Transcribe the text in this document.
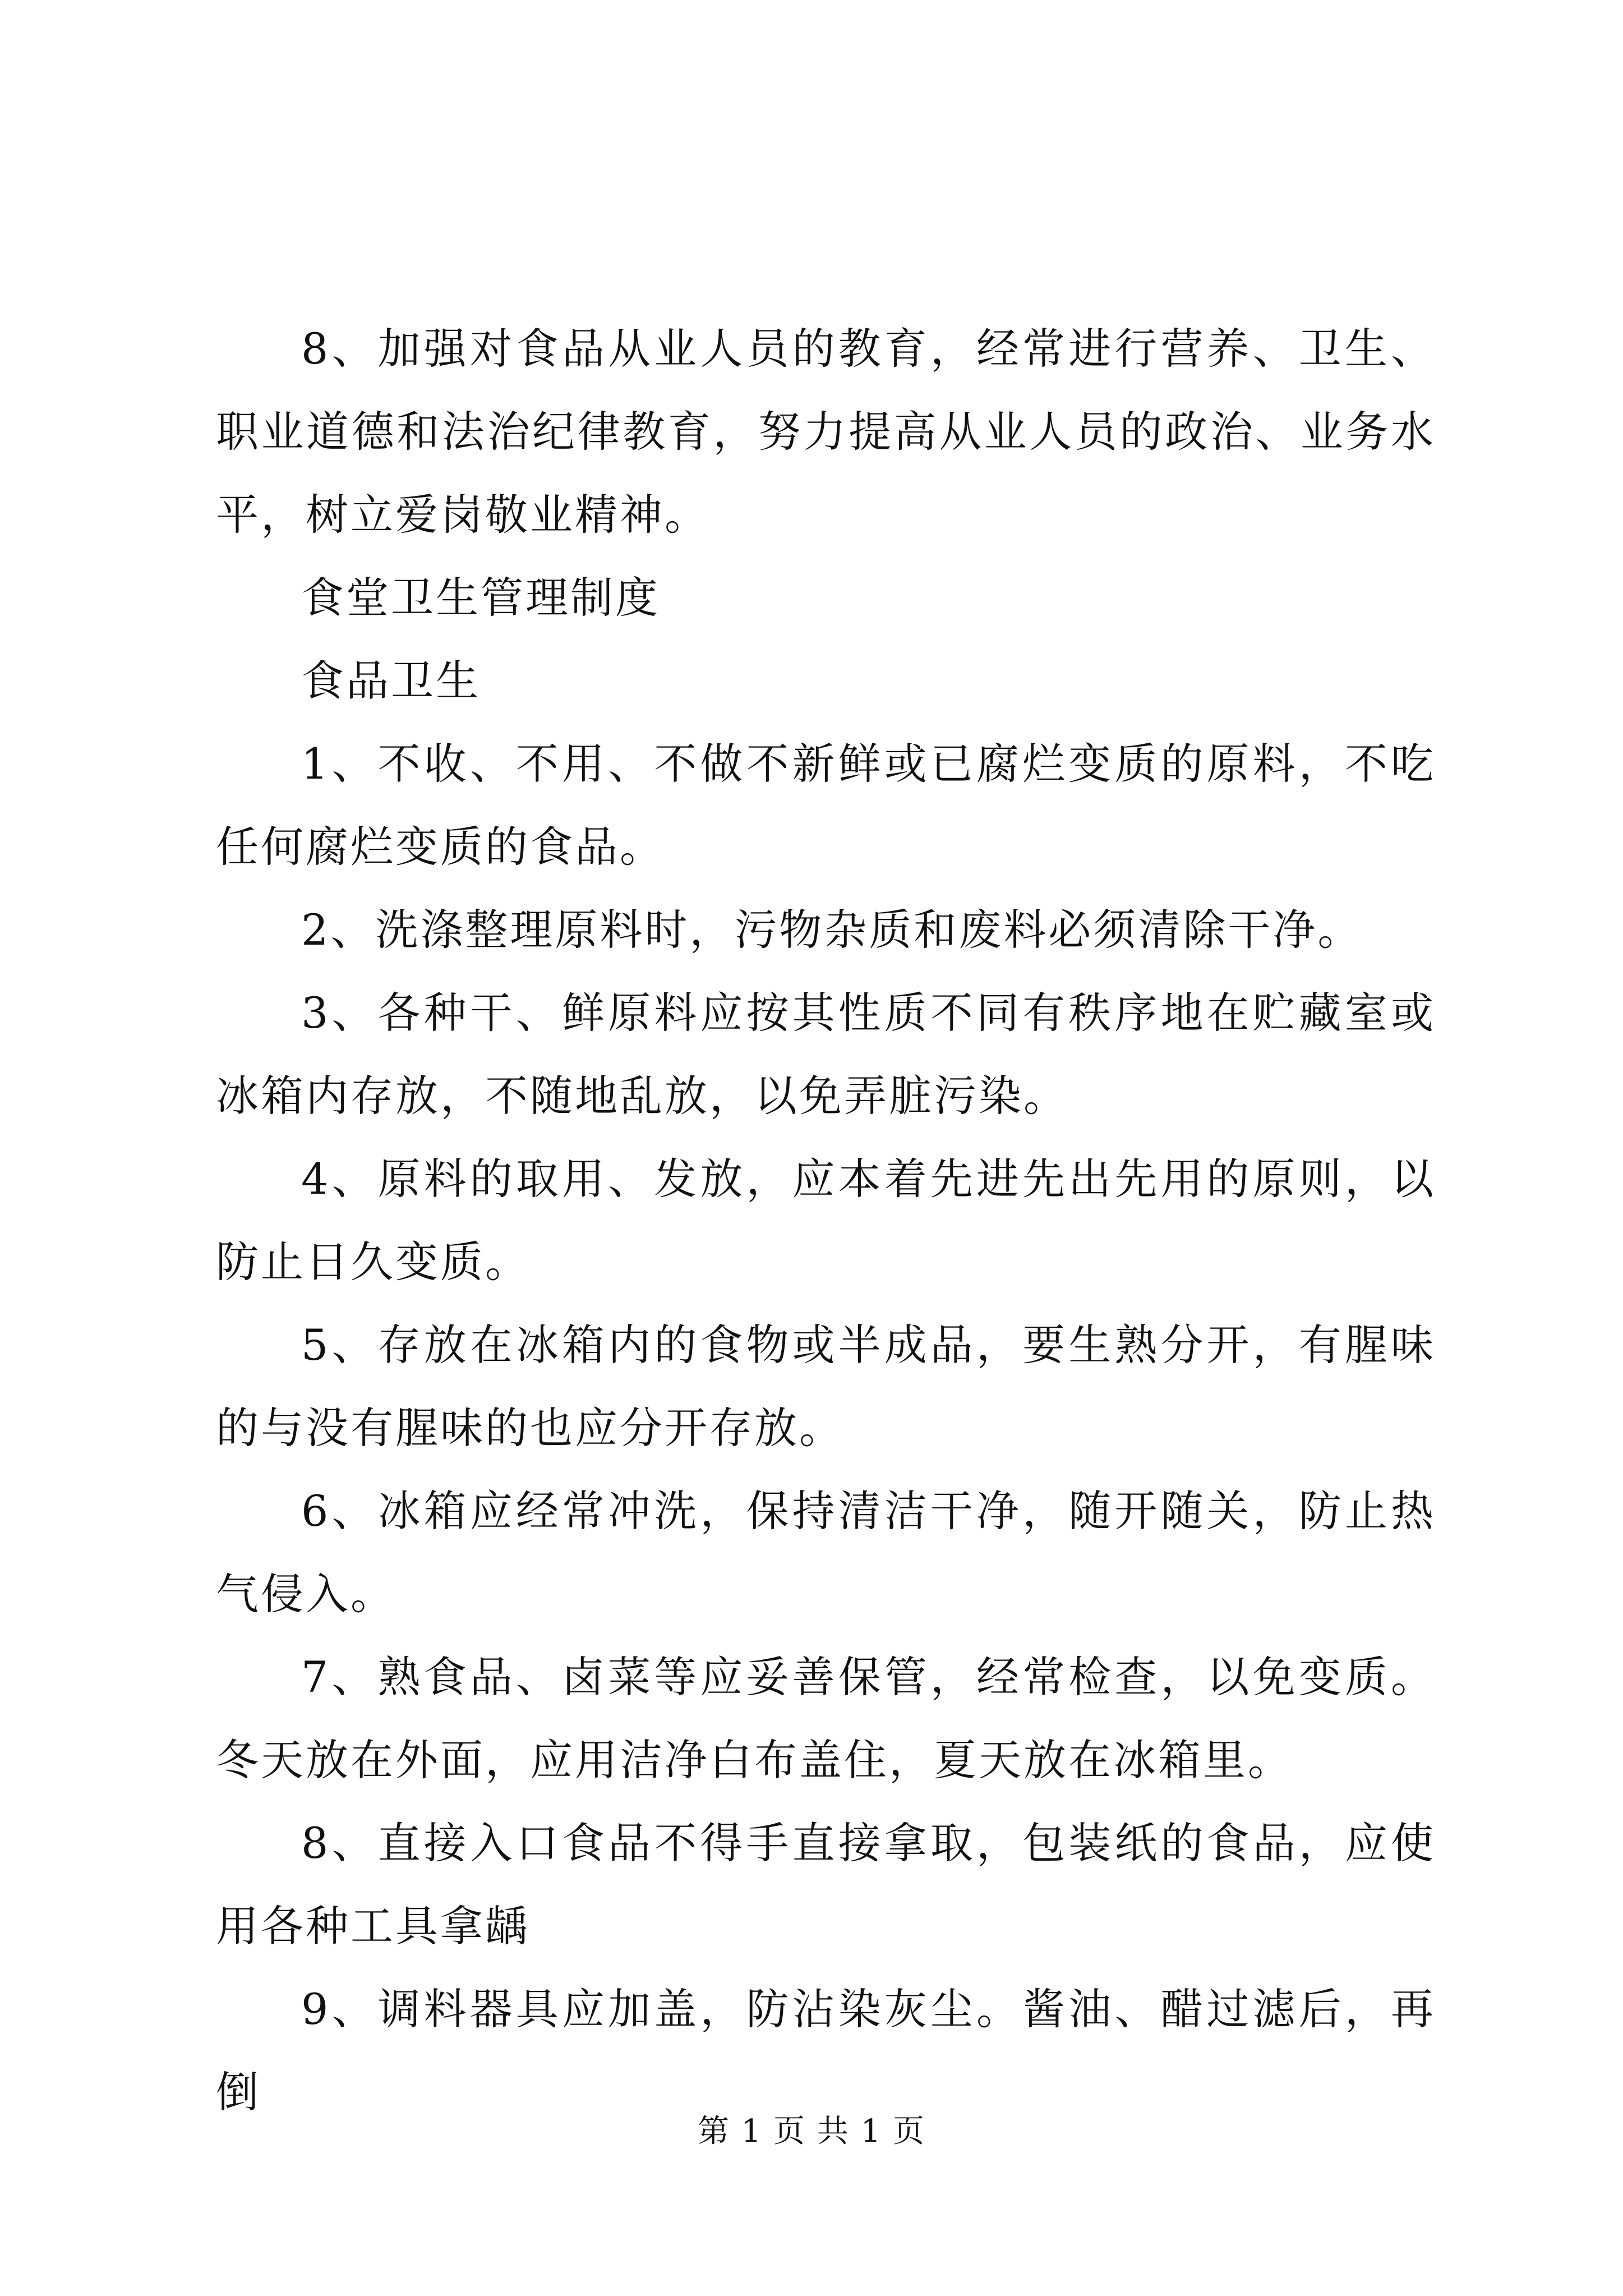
8、加强对食品从业人员的教育，经常进行营养、卫生、职业道德和法治纪律教育，努力提高从业人员的政治、业务水平，树立爱岗敬业精神。

食堂卫生管理制度

食品卫生

1、不收、不用、不做不新鲜或已腐烂变质的原料，不吃任何腐烂变质的食品。

2、洗涤整理原料时，污物杂质和废料必须清除干净。

3、各种干、鲜原料应按其性质不同有秩序地在贮藏室或冰箱内存放，不随地乱放，以免弄脏污染。

4、原料的取用、发放，应本着先进先出先用的原则，以防止日久变质。

5、存放在冰箱内的食物或半成品，要生熟分开，有腥味的与没有腥味的也应分开存放。

6、冰箱应经常冲洗，保持清洁干净，随开随关，防止热气侵入。

7、熟食品、卤菜等应妥善保管，经常检查，以免变质。冬天放在外面，应用洁净白布盖住，夏天放在冰箱里。

8、直接入口食品不得手直接拿取，包装纸的食品，应使用各种工具拿龋

9、调料器具应加盖，防沾染灰尘。酱油、醋过滤后，再倒

第 1 页 共 1 页
